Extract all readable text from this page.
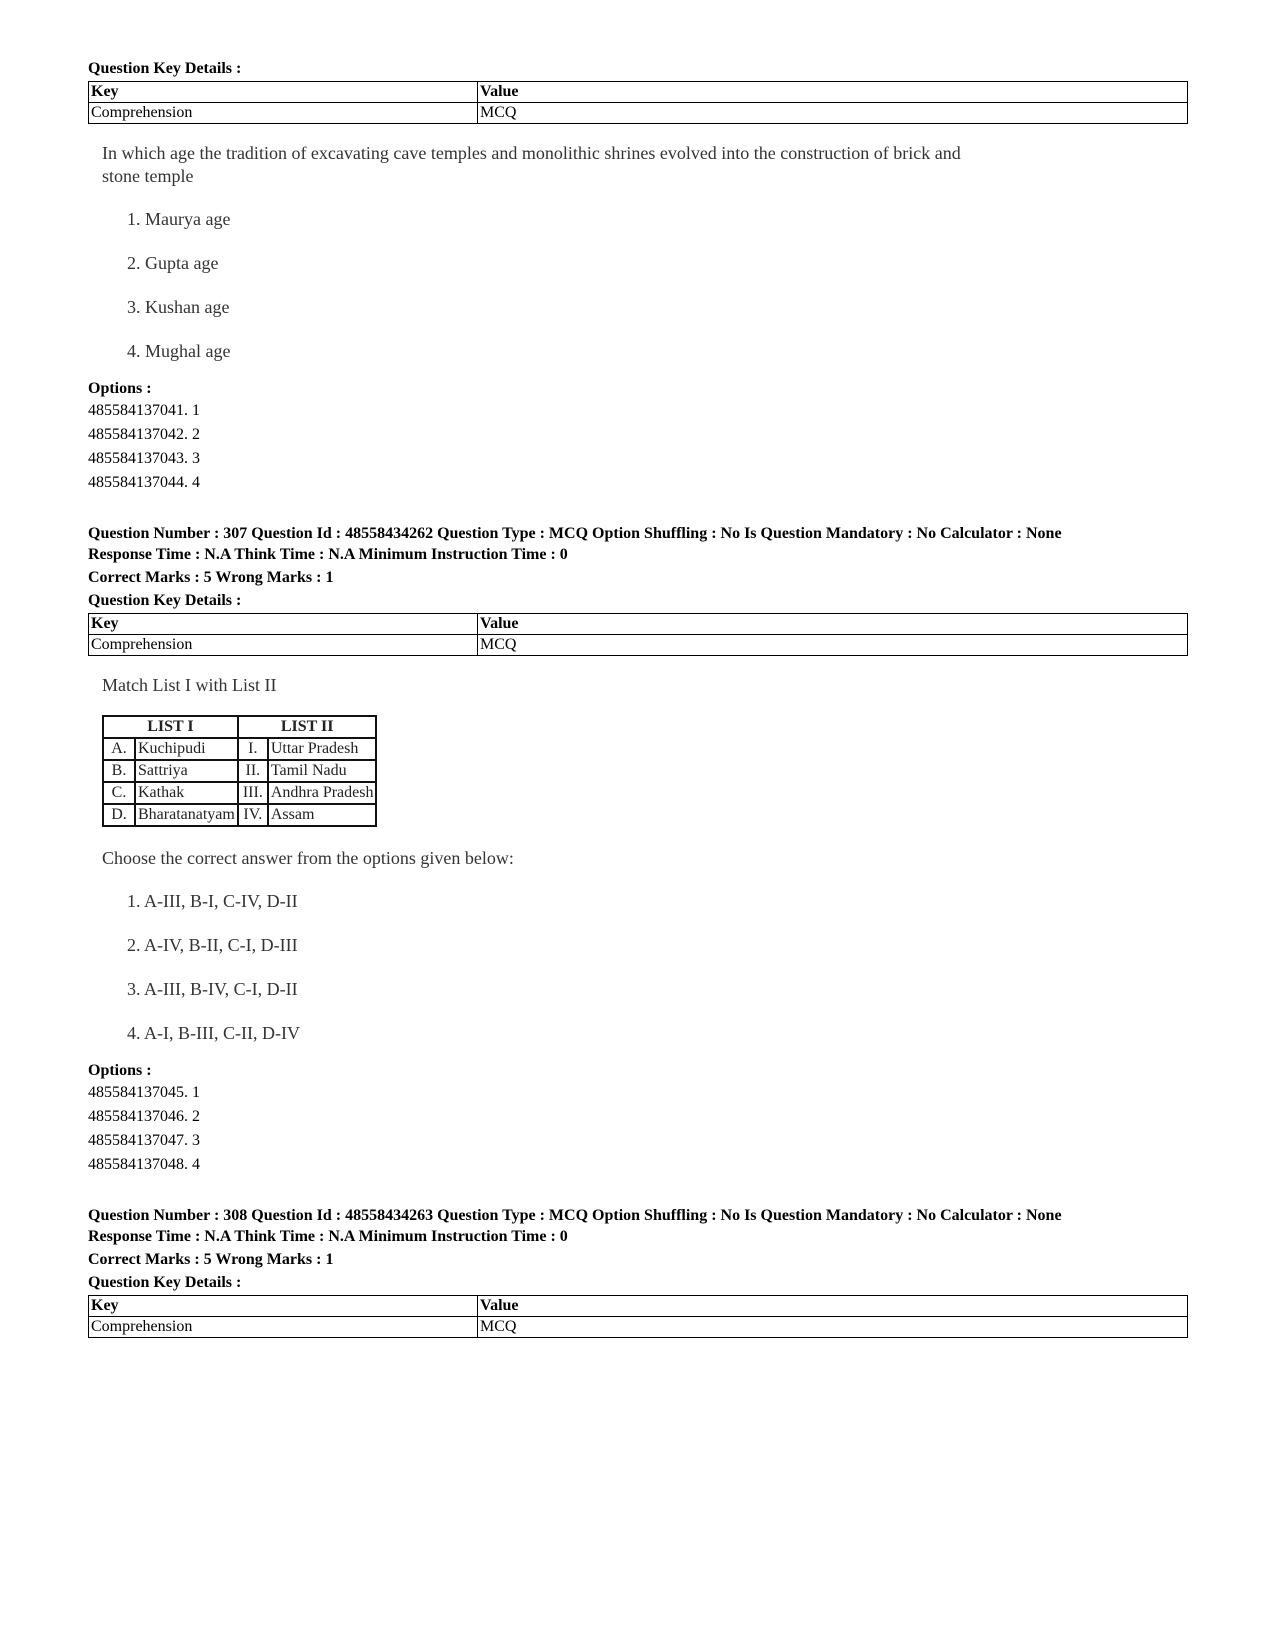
Question Key Details :
Key	Value
Comprehension	MCQ
In which age the tradition of excavating cave temples and monolithic shrines evolved into the construction of brick and stone temple
1. Maurya age
2. Gupta age
3. Kushan age
4. Mughal age
Options :
485584137041. 1
485584137042. 2
485584137043. 3
485584137044. 4
Question Number : 307 Question Id : 48558434262 Question Type : MCQ Option Shuffling : No Is Question Mandatory : No Calculator : None
Response Time : N.A Think Time : N.A Minimum Instruction Time : 0
Correct Marks : 5 Wrong Marks : 1
Question Key Details :
Key	Value
Comprehension	MCQ
Match List I with List II
LIST I		LIST II	
A.	Kuchipudi	I.	Uttar Pradesh
B.	Sattriya	II.	Tamil Nadu
C.	Kathak	III.	Andhra Pradesh
D.	Bharatanatyam	IV.	Assam
Choose the correct answer from the options given below:
1. A-III, B-I, C-IV, D-II
2. A-IV, B-II, C-I, D-III
3. A-III, B-IV, C-I, D-II
4. A-I, B-III, C-II, D-IV
Options :
485584137045. 1
485584137046. 2
485584137047. 3
485584137048. 4
Question Number : 308 Question Id : 48558434263 Question Type : MCQ Option Shuffling : No Is Question Mandatory : No Calculator : None
Response Time : N.A Think Time : N.A Minimum Instruction Time : 0
Correct Marks : 5 Wrong Marks : 1
Question Key Details :
Key	Value
Comprehension	MCQ
